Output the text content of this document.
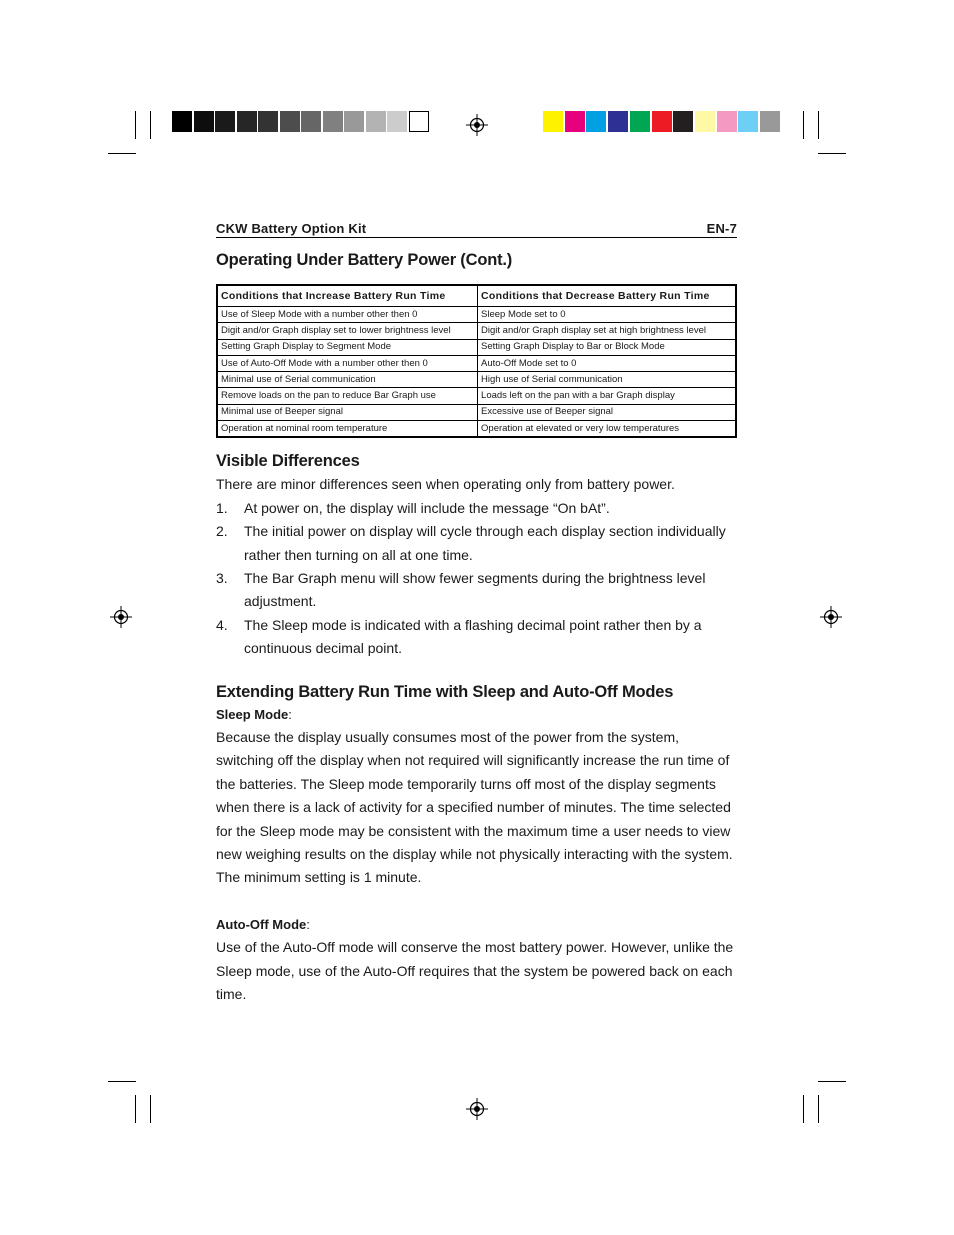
CKW Battery Option Kit	EN-7
Operating Under Battery Power (Cont.)
Conditions that Increase Battery Run Time	Conditions that Decrease Battery Run Time
Use of Sleep Mode with a number other then 0	Sleep Mode set to 0
Digit and/or Graph display set to lower brightness level	Digit and/or Graph display set at high brightness level
Setting Graph Display to Segment Mode	Setting Graph Display to Bar or Block Mode
Use of Auto-Off Mode with a number other then 0	Auto-Off Mode set to 0
Minimal use of Serial communication	High use of Serial communication
Remove loads on the pan to reduce Bar Graph use	Loads left on the pan with a bar Graph display
Minimal use of Beeper signal	Excessive use of Beeper signal
Operation at nominal room temperature	Operation at elevated or very low temperatures
Visible Differences

There are minor differences seen when operating only from battery power.

1. At power on, the display will include the message “On bAt”.
2. The initial power on display will cycle through each display section individually rather then turning on all at one time.
3. The Bar Graph menu will show fewer segments during the brightness level adjustment.
4. The Sleep mode is indicated with a flashing decimal point rather then by a continuous decimal point.
Extending Battery Run Time with Sleep and Auto-Off Modes
Sleep Mode:

Because the display usually consumes most of the power from the system, switching off the display when not required will significantly increase the run time of the batteries. The Sleep mode temporarily turns off most of the display segments when there is a lack of activity for a specified number of minutes. The time selected for the Sleep mode may be consistent with the maximum time a user needs to view new weighing results on the display while not physically interacting with the system. The minimum setting is 1 minute.

Auto-Off Mode:

Use of the Auto-Off mode will conserve the most battery power. However, unlike the Sleep mode, use of the Auto-Off requires that the system be powered back on each time.
